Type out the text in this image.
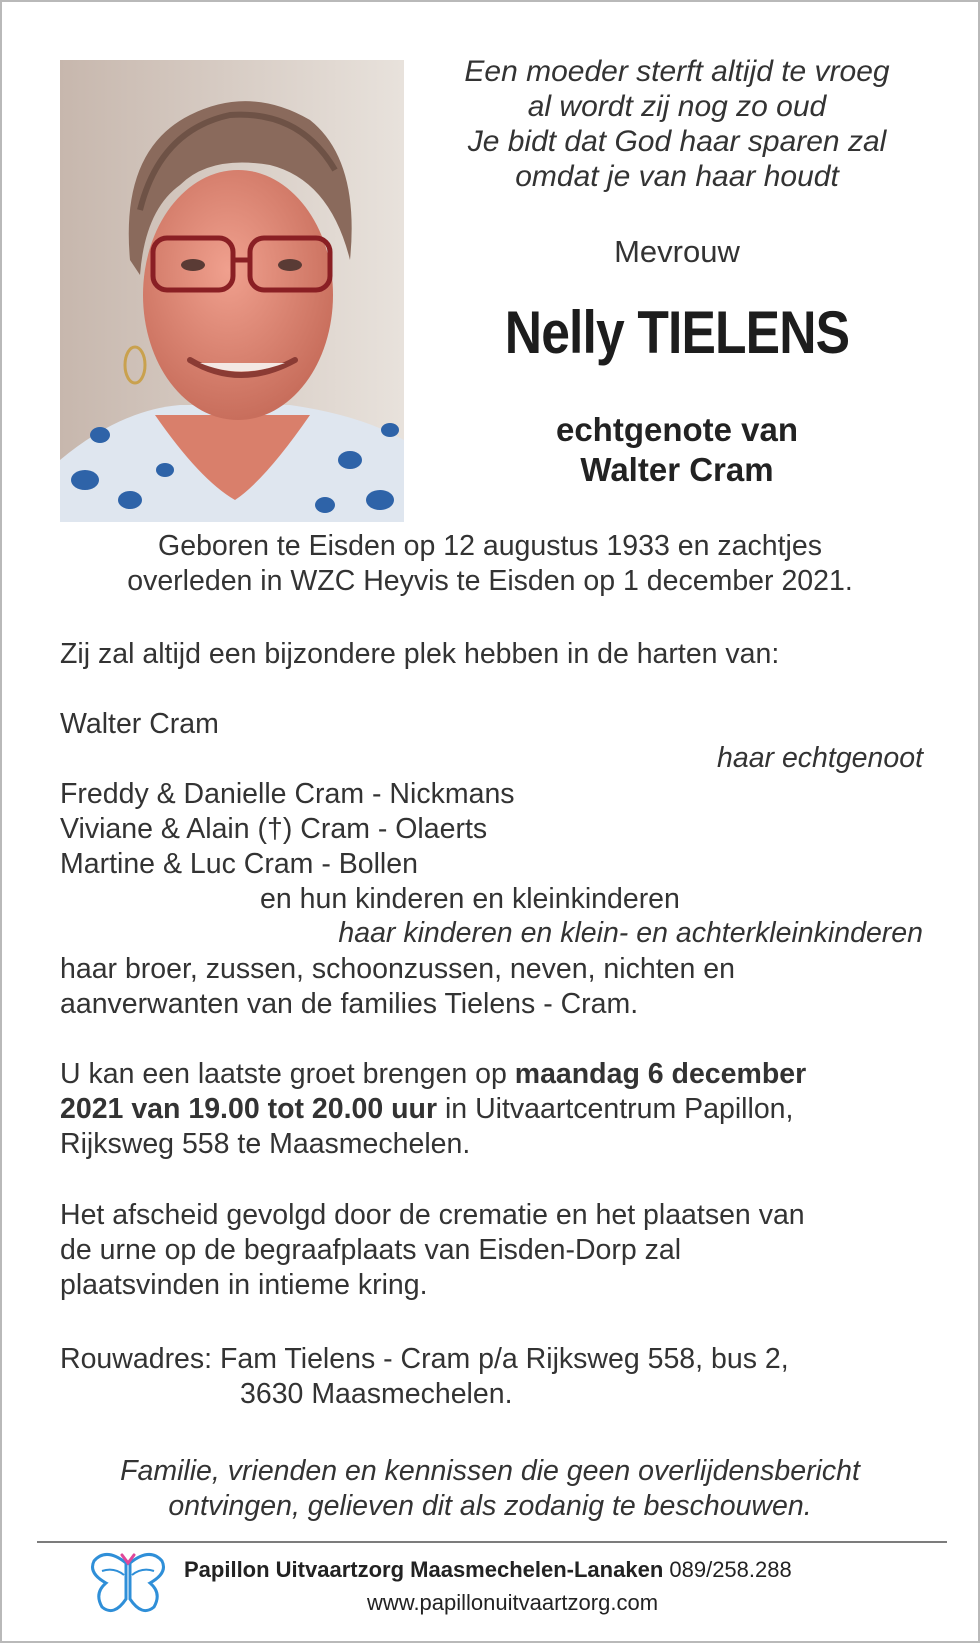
Een moeder sterft altijd te vroeg
al wordt zij nog zo oud
Je bidt dat God haar sparen zal
omdat je van haar houdt
Mevrouw
Nelly TIELENS
echtgenote van
Walter Cram
Geboren te Eisden op 12 augustus 1933 en zachtjes
overleden in WZC Heyvis te Eisden op 1 december 2021.
Zij zal altijd een bijzondere plek hebben in de harten van:
Walter Cram
haar echtgenoot
Freddy & Danielle Cram - Nickmans
Viviane & Alain (†) Cram - Olaerts
Martine & Luc Cram - Bollen
en hun kinderen en kleinkinderen
haar kinderen en klein- en achterkleinkinderen
haar broer, zussen, schoonzussen, neven, nichten en
aanverwanten van de families Tielens - Cram.
U kan een laatste groet brengen op maandag 6 december
2021 van 19.00 tot 20.00 uur in Uitvaartcentrum Papillon,
Rijksweg 558 te Maasmechelen.
Het afscheid gevolgd door de crematie en het plaatsen van
de urne op de begraafplaats van Eisden-Dorp zal
plaatsvinden in intieme kring.
Rouwadres: Fam Tielens - Cram p/a Rijksweg 558, bus 2,
3630 Maasmechelen.
Familie, vrienden en kennissen die geen overlijdensbericht
ontvingen, gelieven dit als zodanig te beschouwen.
Papillon Uitvaartzorg Maasmechelen-Lanaken 089/258.288
www.papillonuitvaartzorg.com
